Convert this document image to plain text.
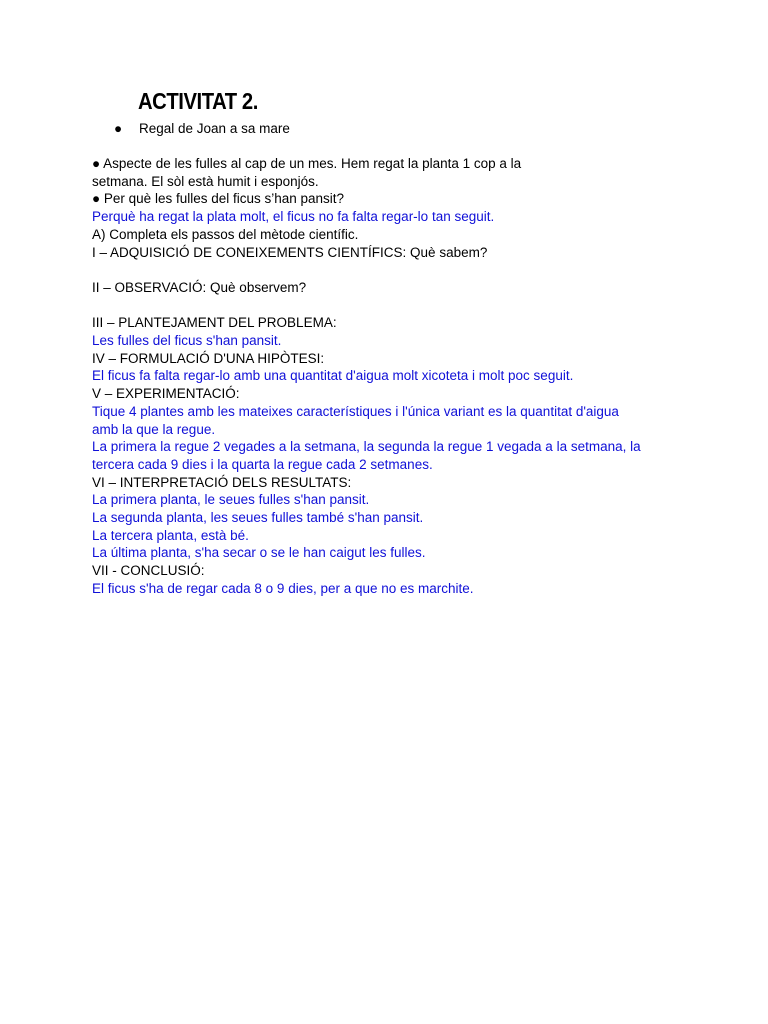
ACTIVITAT 2.
● Regal de Joan a sa mare
● Aspecte de les fulles al cap de un mes. Hem regat la planta 1 cop a la
setmana. El sòl està humit i esponjós.
● Per què les fulles del ficus s’han pansit?
Perquè ha regat la plata molt, el ficus no fa falta regar-lo tan seguit.
A) Completa els passos del mètode científic.
I – ADQUISICIÓ DE CONEIXEMENTS CIENTÍFICS: Què sabem?
II – OBSERVACIÓ: Què observem?
III – PLANTEJAMENT DEL PROBLEMA:
Les fulles del ficus s'han pansit.
IV – FORMULACIÓ D'UNA HIPÒTESI:
El ficus fa falta regar-lo amb una quantitat d'aigua molt xicoteta i molt poc seguit.
V – EXPERIMENTACIÓ:
Tique 4 plantes amb les mateixes característiques i l'única variant es la quantitat d'aigua
amb la que la regue.
La primera la regue 2 vegades a la setmana, la segunda la regue 1 vegada a la setmana, la
tercera cada 9 dies i la quarta la regue cada 2 setmanes.
VI – INTERPRETACIÓ DELS RESULTATS:
La primera planta, le seues fulles s'han pansit.
La segunda planta, les seues fulles també s'han pansit.
La tercera planta, està bé.
La última planta, s'ha secar o se le han caigut les fulles.
VII - CONCLUSIÓ:
El ficus s'ha de regar cada 8 o 9 dies, per a que no es marchite.
